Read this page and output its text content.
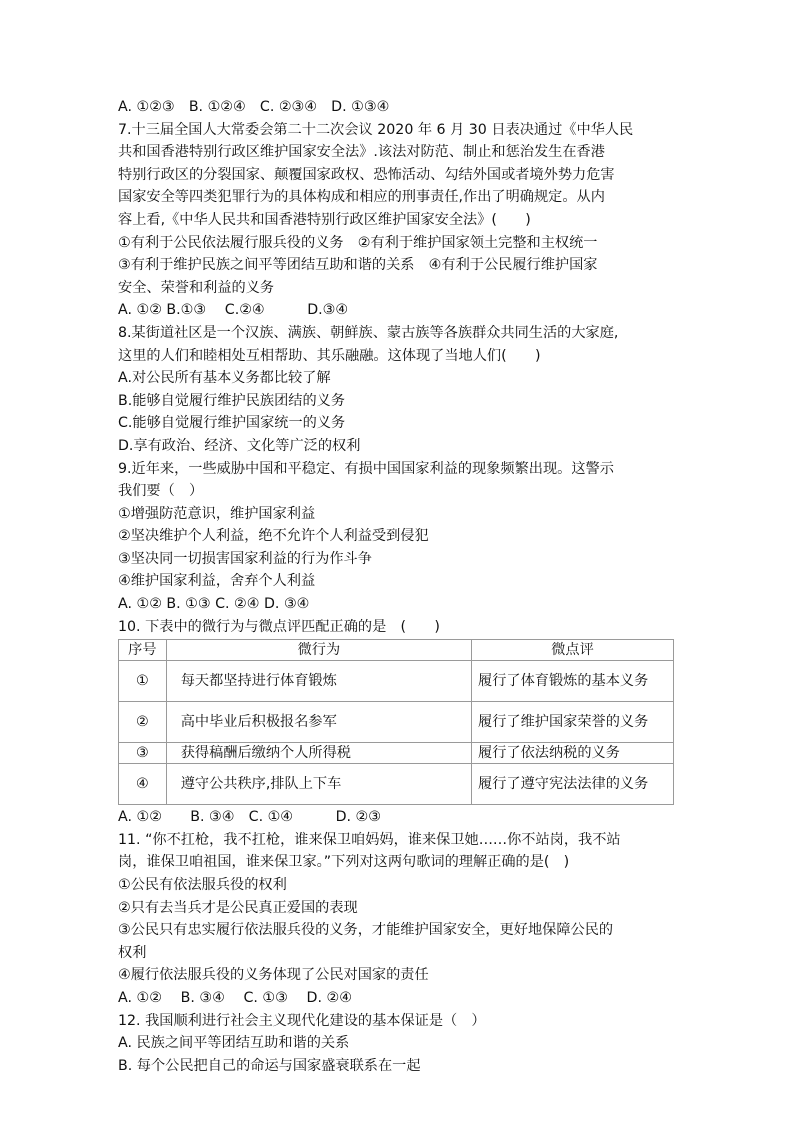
A. ①②③　B. ①②④　C. ②③④　D. ①③④
7.十三届全国人大常委会第二十二次会议 2020 年 6 月 30 日表决通过《中华人民
共和国香港特别行政区维护国家安全法》.该法对防范、制止和惩治发生在香港
特别行政区的分裂国家、颠覆国家政权、恐怖活动、勾结外国或者境外势力危害
国家安全等四类犯罪行为的具体构成和相应的刑事责任,作出了明确规定。从内
容上看,《中华人民共和国香港特别行政区维护国家安全法》(　　)
①有利于公民依法履行服兵役的义务　②有利于维护国家领土完整和主权统一
③有利于维护民族之间平等团结互助和谐的关系　④有利于公民履行维护国家
安全、荣誉和利益的义务
A. ①② B.①③　 C.②④　　　D.③④
8.某街道社区是一个汉族、满族、朝鲜族、蒙古族等各族群众共同生活的大家庭,
这里的人们和睦相处互相帮助、其乐融融。这体现了当地人们(　　)
A.对公民所有基本义务都比较了解
B.能够自觉履行维护民族团结的义务
C.能够自觉履行维护国家统一的义务
D.享有政治、经济、文化等广泛的权利
9.近年来，一些威胁中国和平稳定、有损中国国家利益的现象频繁出现。这警示
我们要（　）
①增强防范意识，维护国家利益
②坚决维护个人利益，绝不允许个人利益受到侵犯
③坚决同一切损害国家利益的行为作斗争
④维护国家利益，舍弃个人利益
A. ①② B. ①③ C. ②④ D. ③④
10. 下表中的微行为与微点评匹配正确的是　(　　)
序号	微行为	微点评
①	每天都坚持进行体育锻炼	履行了体育锻炼的基本义务
②	高中毕业后积极报名参军	履行了维护国家荣誉的义务
③	获得稿酬后缴纳个人所得税	履行了依法纳税的义务
④	遵守公共秩序,排队上下车	履行了遵守宪法法律的义务
A. ①②　　B. ③④　C. ①④　　　D. ②③
11. “你不扛枪，我不扛枪，谁来保卫咱妈妈，谁来保卫她……你不站岗，我不站
岗，谁保卫咱祖国，谁来保卫家。”下列对这两句歌词的理解正确的是(　)
①公民有依法服兵役的权利
②只有去当兵才是公民真正爱国的表现
③公民只有忠实履行依法服兵役的义务，才能维护国家安全，更好地保障公民的
权利
④履行依法服兵役的义务体现了公民对国家的责任
A. ①②　 B. ③④　 C. ①③　 D. ②④
12. 我国顺利进行社会主义现代化建设的基本保证是（　）
A. 民族之间平等团结互助和谐的关系
B. 每个公民把自己的命运与国家盛衰联系在一起
